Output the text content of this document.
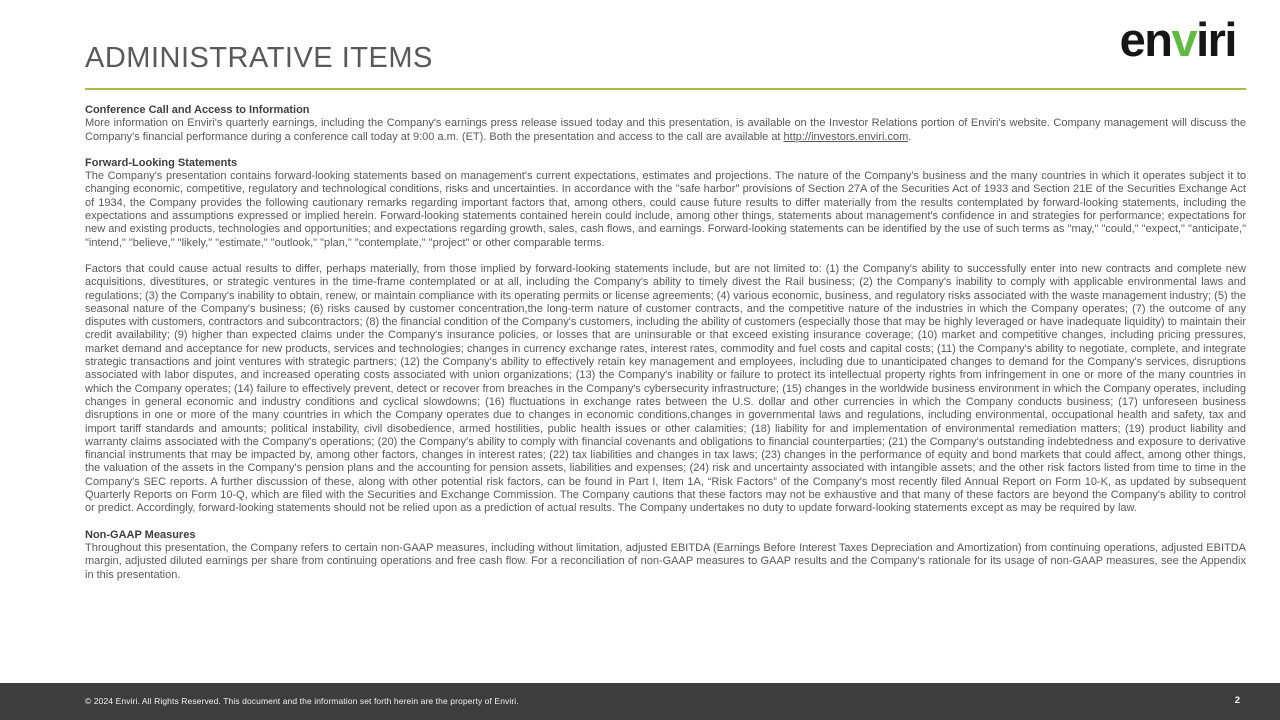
ADMINISTRATIVE ITEMS	enviri

Conference Call and Access to Information

More information on Enviri's quarterly earnings, including the Company's earnings press release issued today and this presentation, is available on the Investor Relations portion of Enviri's website. Company management will discuss the Company's financial performance during a conference call today at 9:00 a.m. (ET). Both the presentation and access to the call are available at http://investors.enviri.com.

Forward-Looking Statements

The Company's presentation contains forward-looking statements based on management's current expectations, estimates and projections. The nature of the Company's business and the many countries in which it operates subject it to changing economic, competitive, regulatory and technological conditions, risks and uncertainties. In accordance with the "safe harbor" provisions of Section 27A of the Securities Act of 1933 and Section 21E of the Securities Exchange Act of 1934, the Company provides the following cautionary remarks regarding important factors that, among others, could cause future results to differ materially from the results contemplated by forward-looking statements, including the expectations and assumptions expressed or implied herein. Forward-looking statements contained herein could include, among other things, statements about management's confidence in and strategies for performance; expectations for new and existing products, technologies and opportunities; and expectations regarding growth, sales, cash flows, and earnings. Forward-looking statements can be identified by the use of such terms as "may," "could," "expect," "anticipate," "intend," "believe," "likely," "estimate," "outlook," "plan," "contemplate," "project" or other comparable terms.

Factors that could cause actual results to differ, perhaps materially, from those implied by forward-looking statements include, but are not limited to: (1) the Company's ability to successfully enter into new contracts and complete new acquisitions, divestitures, or strategic ventures in the time-frame contemplated or at all, including the Company's ability to timely divest the Rail business; (2) the Company's inability to comply with applicable environmental laws and regulations; (3) the Company's inability to obtain, renew, or maintain compliance with its operating permits or license agreements; (4) various economic, business, and regulatory risks associated with the waste management industry; (5) the seasonal nature of the Company's business; (6) risks caused by customer concentration,the long-term nature of customer contracts, and the competitive nature of the industries in which the Company operates; (7) the outcome of any disputes with customers, contractors and subcontractors; (8) the financial condition of the Company's customers, including the ability of customers (especially those that may be highly leveraged or have inadequate liquidity) to maintain their credit availability; (9) higher than expected claims under the Company's insurance policies, or losses that are uninsurable or that exceed existing insurance coverage; (10) market and competitive changes, including pricing pressures, market demand and acceptance for new products, services and technologies; changes in currency exchange rates, interest rates, commodity and fuel costs and capital costs; (11) the Company's ability to negotiate, complete, and integrate strategic transactions and joint ventures with strategic partners; (12) the Company's ability to effectively retain key management and employees, including due to unanticipated changes to demand for the Company's services, disruptions associated with labor disputes, and increased operating costs associated with union organizations; (13) the Company's inability or failure to protect its intellectual property rights from infringement in one or more of the many countries in which the Company operates; (14) failure to effectively prevent, detect or recover from breaches in the Company's cybersecurity infrastructure; (15) changes in the worldwide business environment in which the Company operates, including changes in general economic and industry conditions and cyclical slowdowns; (16) fluctuations in exchange rates between the U.S. dollar and other currencies in which the Company conducts business; (17) unforeseen business disruptions in one or more of the many countries in which the Company operates due to changes in economic conditions,changes in governmental laws and regulations, including environmental, occupational health and safety, tax and import tariff standards and amounts; political instability, civil disobedience, armed hostilities, public health issues or other calamities; (18) liability for and implementation of environmental remediation matters; (19) product liability and warranty claims associated with the Company's operations; (20) the Company's ability to comply with financial covenants and obligations to financial counterparties; (21) the Company's outstanding indebtedness and exposure to derivative financial instruments that may be impacted by, among other factors, changes in interest rates; (22) tax liabilities and changes in tax laws; (23) changes in the performance of equity and bond markets that could affect, among other things, the valuation of the assets in the Company's pension plans and the accounting for pension assets, liabilities and expenses; (24) risk and uncertainty associated with intangible assets; and the other risk factors listed from time to time in the Company's SEC reports. A further discussion of these, along with other potential risk factors, can be found in Part I, Item 1A, “Risk Factors” of the Company's most recently filed Annual Report on Form 10-K, as updated by subsequent Quarterly Reports on Form 10-Q, which are filed with the Securities and Exchange Commission. The Company cautions that these factors may not be exhaustive and that many of these factors are beyond the Company's ability to control or predict. Accordingly, forward-looking statements should not be relied upon as a prediction of actual results. The Company undertakes no duty to update forward-looking statements except as may be required by law.

Non-GAAP Measures

Throughout this presentation, the Company refers to certain non-GAAP measures, including without limitation, adjusted EBITDA (Earnings Before Interest Taxes Depreciation and Amortization) from continuing operations, adjusted EBITDA margin, adjusted diluted earnings per share from continuing operations and free cash flow. For a reconciliation of non-GAAP measures to GAAP results and the Company's rationale for its usage of non-GAAP measures, see the Appendix in this presentation.

© 2024 Enviri. All Rights Reserved. This document and the information set forth herein are the property of Enviri.	2
